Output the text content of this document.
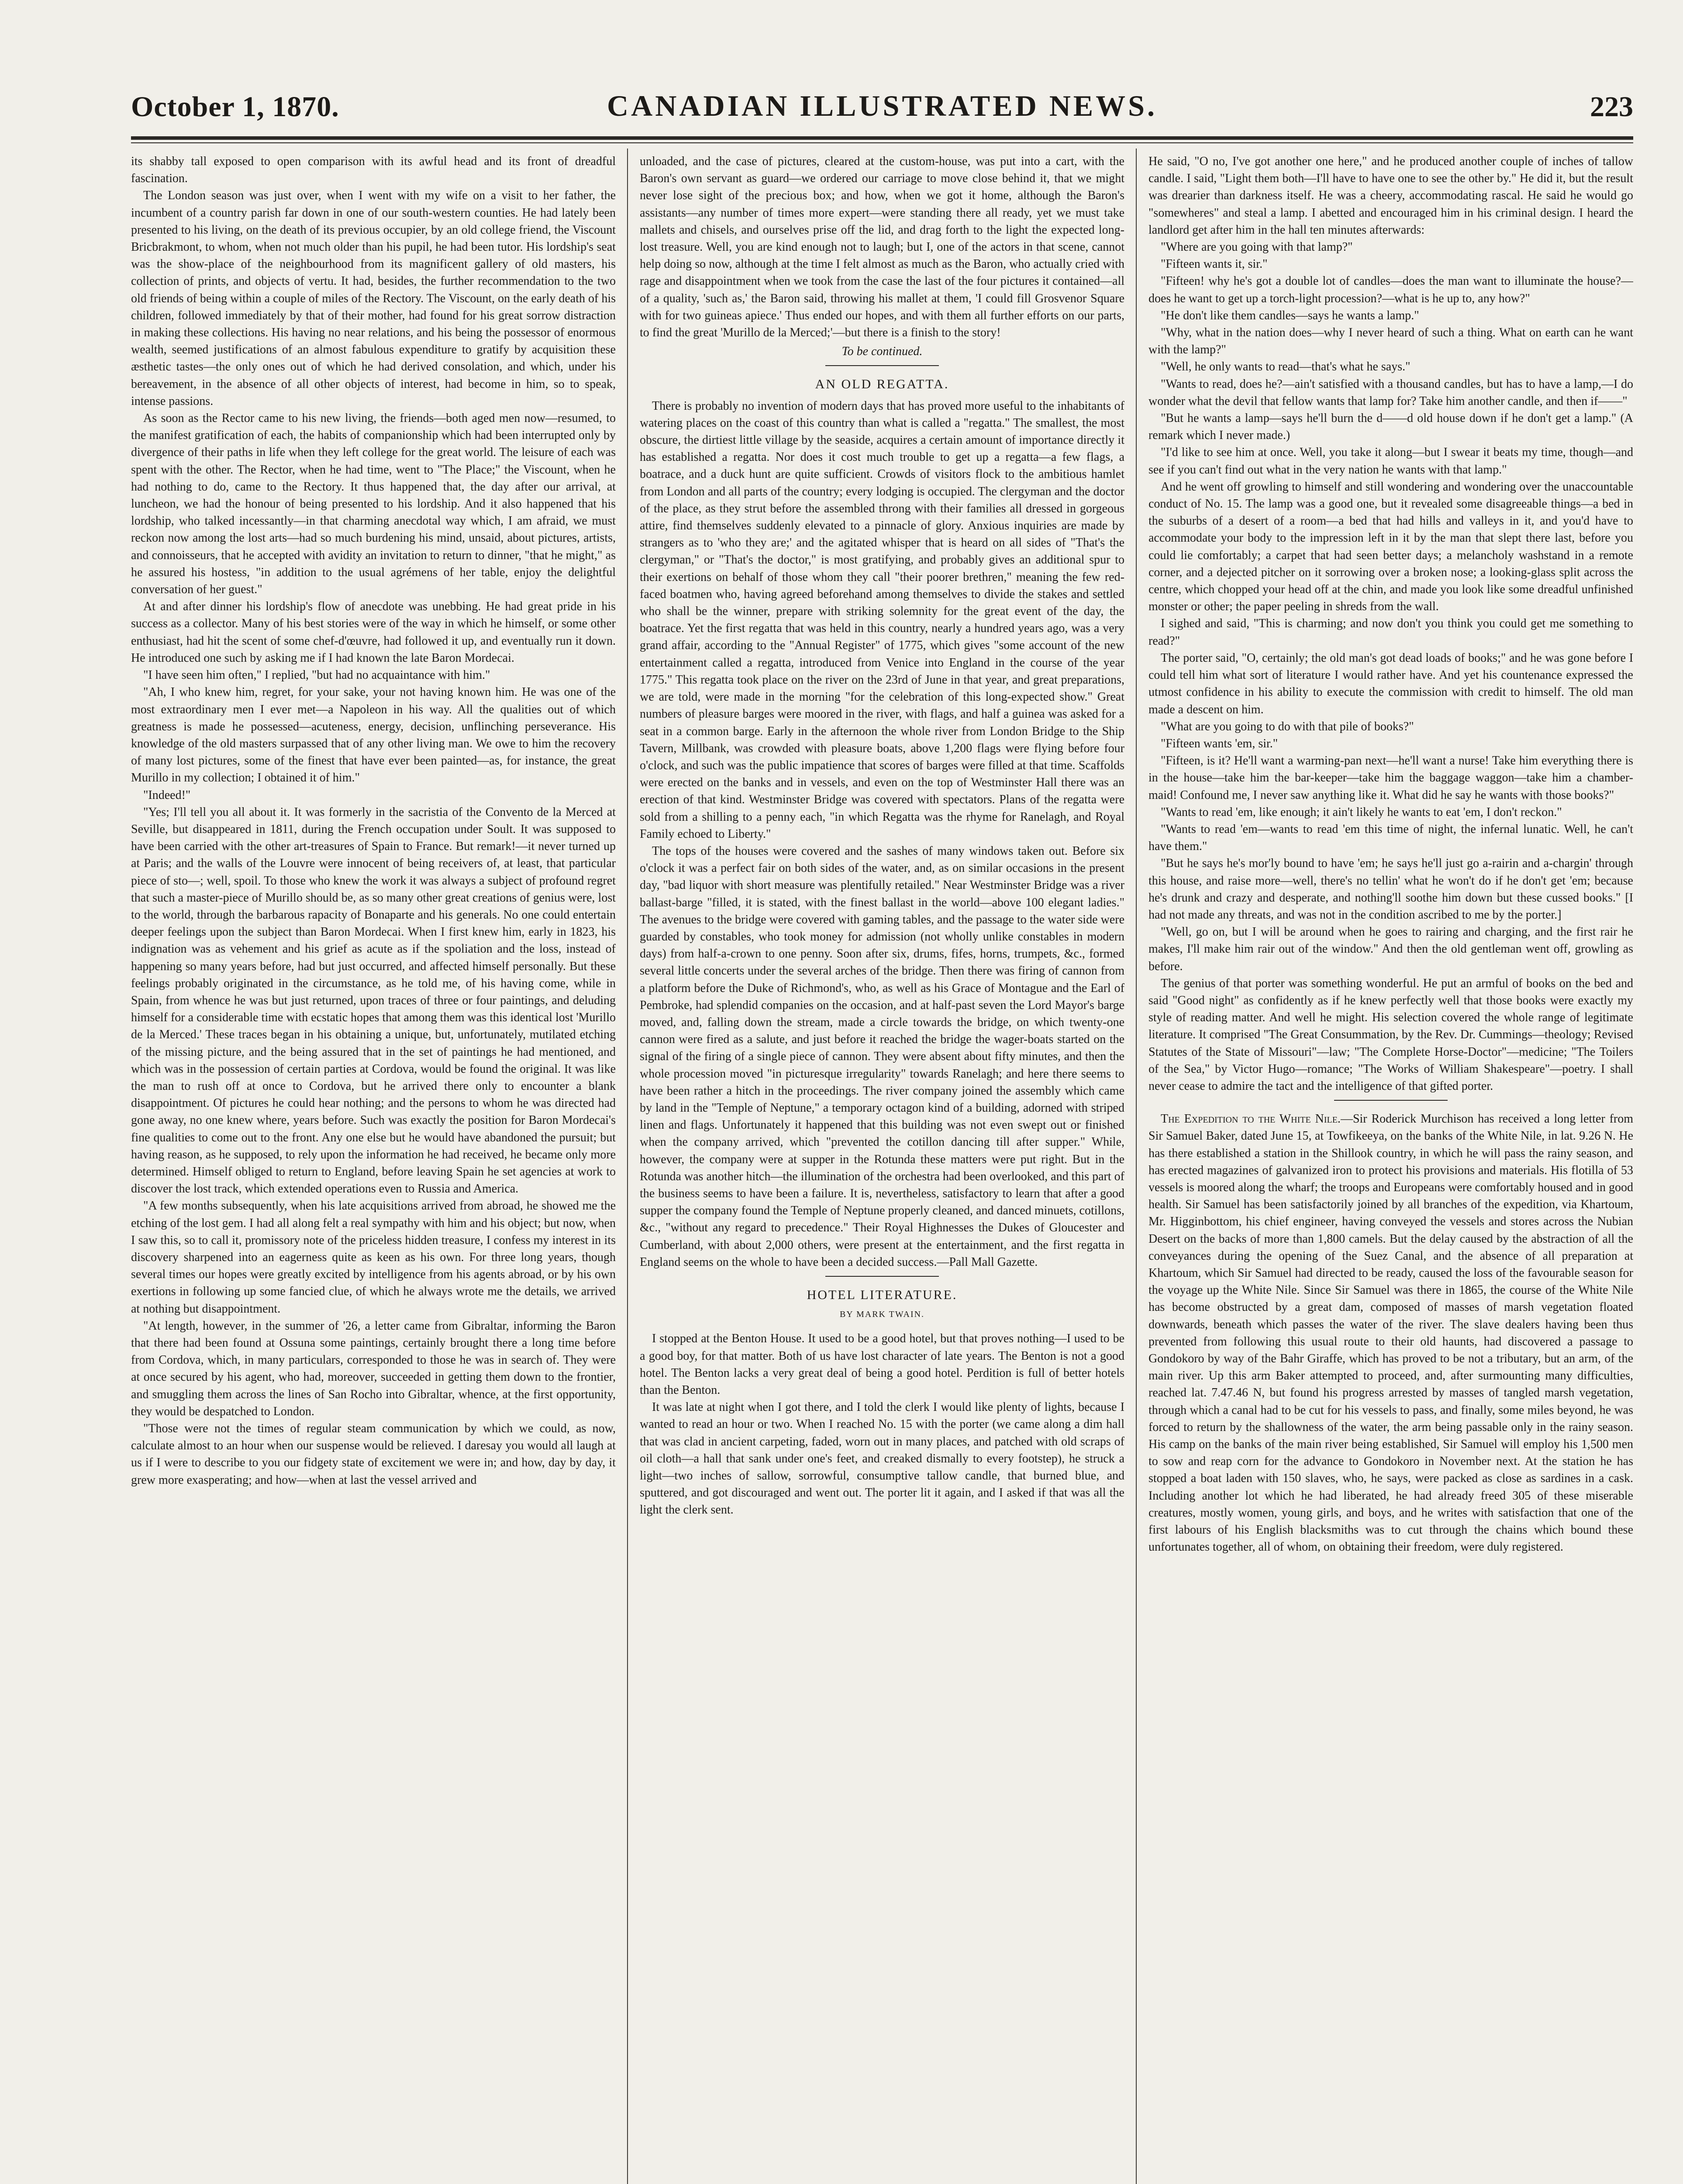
October 1, 1870.	CANADIAN ILLUSTRATED NEWS.	223

its shabby tall exposed to open comparison with its awful head and its front of dreadful fascination.

The London season was just over, when I went with my wife on a visit to her father, the incumbent of a country parish far down in one of our south-western counties. He had lately been presented to his living, on the death of its previous occupier, by an old college friend, the Viscount Bricbrakmont, to whom, when not much older than his pupil, he had been tutor. His lordship's seat was the show-place of the neighbourhood from its magnificent gallery of old masters, his collection of prints, and objects of vertu. It had, besides, the further recommendation to the two old friends of being within a couple of miles of the Rectory. The Viscount, on the early death of his children, followed immediately by that of their mother, had found for his great sorrow distraction in making these collections. His having no near relations, and his being the possessor of enormous wealth, seemed justifications of an almost fabulous expenditure to gratify by acquisition these æsthetic tastes—the only ones out of which he had derived consolation, and which, under his bereavement, in the absence of all other objects of interest, had become in him, so to speak, intense passions.

As soon as the Rector came to his new living, the friends—both aged men now—resumed, to the manifest gratification of each, the habits of companionship which had been interrupted only by divergence of their paths in life when they left college for the great world. The leisure of each was spent with the other. The Rector, when he had time, went to "The Place;" the Viscount, when he had nothing to do, came to the Rectory. It thus happened that, the day after our arrival, at luncheon, we had the honour of being presented to his lordship. And it also happened that his lordship, who talked incessantly—in that charming anecdotal way which, I am afraid, we must reckon now among the lost arts—had so much burdening his mind, unsaid, about pictures, artists, and connoisseurs, that he accepted with avidity an invitation to return to dinner, "that he might," as he assured his hostess, "in addition to the usual agrémens of her table, enjoy the delightful conversation of her guest."

At and after dinner his lordship's flow of anecdote was unebbing. He had great pride in his success as a collector. Many of his best stories were of the way in which he himself, or some other enthusiast, had hit the scent of some chef-d'œuvre, had followed it up, and eventually run it down. He introduced one such by asking me if I had known the late Baron Mordecai.

"I have seen him often," I replied, "but had no acquaintance with him."

"Ah, I who knew him, regret, for your sake, your not having known him. He was one of the most extraordinary men I ever met—a Napoleon in his way. All the qualities out of which greatness is made he possessed—acuteness, energy, decision, unflinching perseverance. His knowledge of the old masters surpassed that of any other living man. We owe to him the recovery of many lost pictures, some of the finest that have ever been painted—as, for instance, the great Murillo in my collection; I obtained it of him."

"Indeed!"

"Yes; I'll tell you all about it. It was formerly in the sacristia of the Convento de la Merced at Seville, but disappeared in 1811, during the French occupation under Soult. It was supposed to have been carried with the other art-treasures of Spain to France. But remark!—it never turned up at Paris; and the walls of the Louvre were innocent of being receivers of, at least, that particular piece of sto—; well, spoil. To those who knew the work it was always a subject of profound regret that such a master-piece of Murillo should be, as so many other great creations of genius were, lost to the world, through the barbarous rapacity of Bonaparte and his generals. No one could entertain deeper feelings upon the subject than Baron Mordecai. When I first knew him, early in 1823, his indignation was as vehement and his grief as acute as if the spoliation and the loss, instead of happening so many years before, had but just occurred, and affected himself personally. But these feelings probably originated in the circumstance, as he told me, of his having come, while in Spain, from whence he was but just returned, upon traces of three or four paintings, and deluding himself for a considerable time with ecstatic hopes that among them was this identical lost 'Murillo de la Merced.' These traces began in his obtaining a unique, but, unfortunately, mutilated etching of the missing picture, and the being assured that in the set of paintings he had mentioned, and which was in the possession of certain parties at Cordova, would be found the original. It was like the man to rush off at once to Cordova, but he arrived there only to encounter a blank disappointment. Of pictures he could hear nothing; and the persons to whom he was directed had gone away, no one knew where, years before. Such was exactly the position for Baron Mordecai's fine qualities to come out to the front. Any one else but he would have abandoned the pursuit; but having reason, as he supposed, to rely upon the information he had received, he became only more determined. Himself obliged to return to England, before leaving Spain he set agencies at work to discover the lost track, which extended operations even to Russia and America.

"A few months subsequently, when his late acquisitions arrived from abroad, he showed me the etching of the lost gem. I had all along felt a real sympathy with him and his object; but now, when I saw this, so to call it, promissory note of the priceless hidden treasure, I confess my interest in its discovery sharpened into an eagerness quite as keen as his own. For three long years, though several times our hopes were greatly excited by intelligence from his agents abroad, or by his own exertions in following up some fancied clue, of which he always wrote me the details, we arrived at nothing but disappointment.

"At length, however, in the summer of '26, a letter came from Gibraltar, informing the Baron that there had been found at Ossuna some paintings, certainly brought there a long time before from Cordova, which, in many particulars, corresponded to those he was in search of. They were at once secured by his agent, who had, moreover, succeeded in getting them down to the frontier, and smuggling them across the lines of San Rocho into Gibraltar, whence, at the first opportunity, they would be despatched to London.

"Those were not the times of regular steam communication by which we could, as now, calculate almost to an hour when our suspense would be relieved. I daresay you would all laugh at us if I were to describe to you our fidgety state of excitement we were in; and how, day by day, it grew more exasperating; and how—when at last the vessel arrived and

unloaded, and the case of pictures, cleared at the custom-house, was put into a cart, with the Baron's own servant as guard—we ordered our carriage to move close behind it, that we might never lose sight of the precious box; and how, when we got it home, although the Baron's assistants—any number of times more expert—were standing there all ready, yet we must take mallets and chisels, and ourselves prise off the lid, and drag forth to the light the expected long-lost treasure. Well, you are kind enough not to laugh; but I, one of the actors in that scene, cannot help doing so now, although at the time I felt almost as much as the Baron, who actually cried with rage and disappointment when we took from the case the last of the four pictures it contained—all of a quality, 'such as,' the Baron said, throwing his mallet at them, 'I could fill Grosvenor Square with for two guineas apiece.' Thus ended our hopes, and with them all further efforts on our parts, to find the great 'Murillo de la Merced;'—but there is a finish to the story!

To be continued.
AN OLD REGATTA.

There is probably no invention of modern days that has proved more useful to the inhabitants of watering places on the coast of this country than what is called a "regatta." The smallest, the most obscure, the dirtiest little village by the seaside, acquires a certain amount of importance directly it has established a regatta. Nor does it cost much trouble to get up a regatta—a few flags, a boatrace, and a duck hunt are quite sufficient. Crowds of visitors flock to the ambitious hamlet from London and all parts of the country; every lodging is occupied. The clergyman and the doctor of the place, as they strut before the assembled throng with their families all dressed in gorgeous attire, find themselves suddenly elevated to a pinnacle of glory. Anxious inquiries are made by strangers as to 'who they are;' and the agitated whisper that is heard on all sides of "That's the clergyman," or "That's the doctor," is most gratifying, and probably gives an additional spur to their exertions on behalf of those whom they call "their poorer brethren," meaning the few red-faced boatmen who, having agreed beforehand among themselves to divide the stakes and settled who shall be the winner, prepare with striking solemnity for the great event of the day, the boatrace. Yet the first regatta that was held in this country, nearly a hundred years ago, was a very grand affair, according to the "Annual Register" of 1775, which gives "some account of the new entertainment called a regatta, introduced from Venice into England in the course of the year 1775." This regatta took place on the river on the 23rd of June in that year, and great preparations, we are told, were made in the morning "for the celebration of this long-expected show." Great numbers of pleasure barges were moored in the river, with flags, and half a guinea was asked for a seat in a common barge. Early in the afternoon the whole river from London Bridge to the Ship Tavern, Millbank, was crowded with pleasure boats, above 1,200 flags were flying before four o'clock, and such was the public impatience that scores of barges were filled at that time. Scaffolds were erected on the banks and in vessels, and even on the top of Westminster Hall there was an erection of that kind. Westminster Bridge was covered with spectators. Plans of the regatta were sold from a shilling to a penny each, "in which Regatta was the rhyme for Ranelagh, and Royal Family echoed to Liberty."

The tops of the houses were covered and the sashes of many windows taken out. Before six o'clock it was a perfect fair on both sides of the water, and, as on similar occasions in the present day, "bad liquor with short measure was plentifully retailed." Near Westminster Bridge was a river ballast-barge "filled, it is stated, with the finest ballast in the world—above 100 elegant ladies." The avenues to the bridge were covered with gaming tables, and the passage to the water side were guarded by constables, who took money for admission (not wholly unlike constables in modern days) from half-a-crown to one penny. Soon after six, drums, fifes, horns, trumpets, &c., formed several little concerts under the several arches of the bridge. Then there was firing of cannon from a platform before the Duke of Richmond's, who, as well as his Grace of Montague and the Earl of Pembroke, had splendid companies on the occasion, and at half-past seven the Lord Mayor's barge moved, and, falling down the stream, made a circle towards the bridge, on which twenty-one cannon were fired as a salute, and just before it reached the bridge the wager-boats started on the signal of the firing of a single piece of cannon. They were absent about fifty minutes, and then the whole procession moved "in picturesque irregularity" towards Ranelagh; and here there seems to have been rather a hitch in the proceedings. The river company joined the assembly which came by land in the "Temple of Neptune," a temporary octagon kind of a building, adorned with striped linen and flags. Unfortunately it happened that this building was not even swept out or finished when the company arrived, which "prevented the cotillon dancing till after supper." While, however, the company were at supper in the Rotunda these matters were put right. But in the Rotunda was another hitch—the illumination of the orchestra had been overlooked, and this part of the business seems to have been a failure. It is, nevertheless, satisfactory to learn that after a good supper the company found the Temple of Neptune properly cleaned, and danced minuets, cotillons, &c., "without any regard to precedence." Their Royal Highnesses the Dukes of Gloucester and Cumberland, with about 2,000 others, were present at the entertainment, and the first regatta in England seems on the whole to have been a decided success.—Pall Mall Gazette.

HOTEL LITERATURE.
BY MARK TWAIN.

I stopped at the Benton House. It used to be a good hotel, but that proves nothing—I used to be a good boy, for that matter. Both of us have lost character of late years. The Benton is not a good hotel. The Benton lacks a very great deal of being a good hotel. Perdition is full of better hotels than the Benton.

It was late at night when I got there, and I told the clerk I would like plenty of lights, because I wanted to read an hour or two. When I reached No. 15 with the porter (we came along a dim hall that was clad in ancient carpeting, faded, worn out in many places, and patched with old scraps of oil cloth—a hall that sank under one's feet, and creaked dismally to every footstep), he struck a light—two inches of sallow, sorrowful, consumptive tallow candle, that burned blue, and sputtered, and got discouraged and went out. The porter lit it again, and I asked if that was all the light the clerk sent.

He said, "O no, I've got another one here," and he produced another couple of inches of tallow candle. I said, "Light them both—I'll have to have one to see the other by." He did it, but the result was drearier than darkness itself. He was a cheery, accommodating rascal. He said he would go "somewheres" and steal a lamp. I abetted and encouraged him in his criminal design. I heard the landlord get after him in the hall ten minutes afterwards:

"Where are you going with that lamp?"

"Fifteen wants it, sir."

"Fifteen! why he's got a double lot of candles—does the man want to illuminate the house?—does he want to get up a torch-light procession?—what is he up to, any how?"

"He don't like them candles—says he wants a lamp."

"Why, what in the nation does—why I never heard of such a thing. What on earth can he want with the lamp?"

"Well, he only wants to read—that's what he says."

"Wants to read, does he?—ain't satisfied with a thousand candles, but has to have a lamp,—I do wonder what the devil that fellow wants that lamp for? Take him another candle, and then if——"

"But he wants a lamp—says he'll burn the d——d old house down if he don't get a lamp." (A remark which I never made.)

"I'd like to see him at once. Well, you take it along—but I swear it beats my time, though—and see if you can't find out what in the very nation he wants with that lamp."

And he went off growling to himself and still wondering and wondering over the unaccountable conduct of No. 15. The lamp was a good one, but it revealed some disagreeable things—a bed in the suburbs of a desert of a room—a bed that had hills and valleys in it, and you'd have to accommodate your body to the impression left in it by the man that slept there last, before you could lie comfortably; a carpet that had seen better days; a melancholy washstand in a remote corner, and a dejected pitcher on it sorrowing over a broken nose; a looking-glass split across the centre, which chopped your head off at the chin, and made you look like some dreadful unfinished monster or other; the paper peeling in shreds from the wall.

I sighed and said, "This is charming; and now don't you think you could get me something to read?"

The porter said, "O, certainly; the old man's got dead loads of books;" and he was gone before I could tell him what sort of literature I would rather have. And yet his countenance expressed the utmost confidence in his ability to execute the commission with credit to himself. The old man made a descent on him.

"What are you going to do with that pile of books?"

"Fifteen wants 'em, sir."

"Fifteen, is it? He'll want a warming-pan next—he'll want a nurse! Take him everything there is in the house—take him the bar-keeper—take him the baggage waggon—take him a chamber-maid! Confound me, I never saw anything like it. What did he say he wants with those books?"

"Wants to read 'em, like enough; it ain't likely he wants to eat 'em, I don't reckon."

"Wants to read 'em—wants to read 'em this time of night, the infernal lunatic. Well, he can't have them."

"But he says he's mor'ly bound to have 'em; he says he'll just go a-rairin and a-chargin' through this house, and raise more—well, there's no tellin' what he won't do if he don't get 'em; because he's drunk and crazy and desperate, and nothing'll soothe him down but these cussed books." [I had not made any threats, and was not in the condition ascribed to me by the porter.]

"Well, go on, but I will be around when he goes to rairing and charging, and the first rair he makes, I'll make him rair out of the window." And then the old gentleman went off, growling as before.

The genius of that porter was something wonderful. He put an armful of books on the bed and said "Good night" as confidently as if he knew perfectly well that those books were exactly my style of reading matter. And well he might. His selection covered the whole range of legitimate literature. It comprised "The Great Consummation, by the Rev. Dr. Cummings—theology; Revised Statutes of the State of Missouri"—law; "The Complete Horse-Doctor"—medicine; "The Toilers of the Sea," by Victor Hugo—romance; "The Works of William Shakespeare"—poetry. I shall never cease to admire the tact and the intelligence of that gifted porter.

The Expedition to the White Nile.—Sir Roderick Murchison has received a long letter from Sir Samuel Baker, dated June 15, at Towfikeeya, on the banks of the White Nile, in lat. 9.26 N. He has there established a station in the Shillook country, in which he will pass the rainy season, and has erected magazines of galvanized iron to protect his provisions and materials. His flotilla of 53 vessels is moored along the wharf; the troops and Europeans were comfortably housed and in good health. Sir Samuel has been satisfactorily joined by all branches of the expedition, via Khartoum, Mr. Higginbottom, his chief engineer, having conveyed the vessels and stores across the Nubian Desert on the backs of more than 1,800 camels. But the delay caused by the abstraction of all the conveyances during the opening of the Suez Canal, and the absence of all preparation at Khartoum, which Sir Samuel had directed to be ready, caused the loss of the favourable season for the voyage up the White Nile. Since Sir Samuel was there in 1865, the course of the White Nile has become obstructed by a great dam, composed of masses of marsh vegetation floated downwards, beneath which passes the water of the river. The slave dealers having been thus prevented from following this usual route to their old haunts, had discovered a passage to Gondokoro by way of the Bahr Giraffe, which has proved to be not a tributary, but an arm, of the main river. Up this arm Baker attempted to proceed, and, after surmounting many difficulties, reached lat. 7.47.46 N, but found his progress arrested by masses of tangled marsh vegetation, through which a canal had to be cut for his vessels to pass, and finally, some miles beyond, he was forced to return by the shallowness of the water, the arm being passable only in the rainy season. His camp on the banks of the main river being established, Sir Samuel will employ his 1,500 men to sow and reap corn for the advance to Gondokoro in November next. At the station he has stopped a boat laden with 150 slaves, who, he says, were packed as close as sardines in a cask. Including another lot which he had liberated, he had already freed 305 of these miserable creatures, mostly women, young girls, and boys, and he writes with satisfaction that one of the first labours of his English blacksmiths was to cut through the chains which bound these unfortunates together, all of whom, on obtaining their freedom, were duly registered.
